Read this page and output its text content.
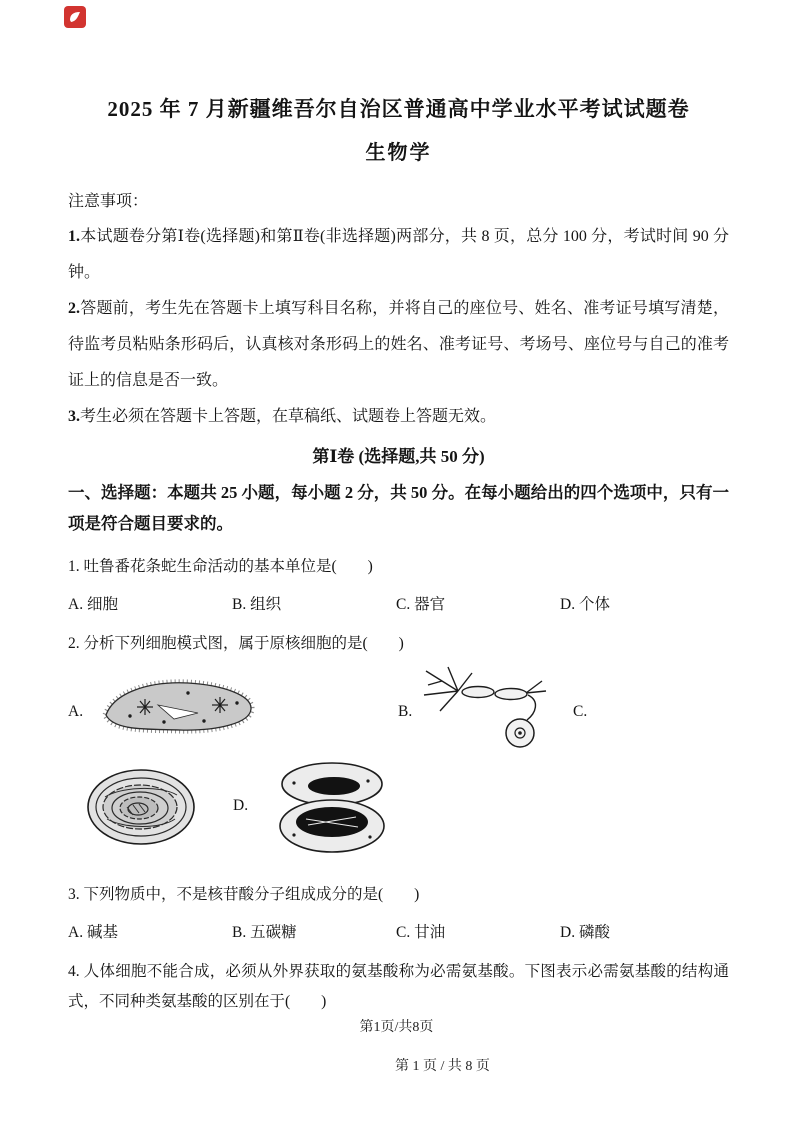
2025 年 7 月新疆维吾尔自治区普通高中学业水平考试试题卷
生物学
注意事项：

1.本试题卷分第Ⅰ卷(选择题)和第Ⅱ卷(非选择题)两部分，共 8 页，总分 100 分，考试时间 90 分钟。

2.答题前，考生先在答题卡上填写科目名称，并将自己的座位号、姓名、准考证号填写清楚，待监考员粘贴条形码后，认真核对条形码上的姓名、准考证号、考场号、座位号与自己的准考证上的信息是否一致。

3.考生必须在答题卡上答题，在草稿纸、试题卷上答题无效。

第Ⅰ卷 (选择题,共 50 分)
一、选择题：本题共 25 小题，每小题 2 分，共 50 分。在每小题给出的四个选项中，只有一项是符合题目要求的。
1. 吐鲁番花条蛇生命活动的基本单位是(　　)
A. 细胞	B. 组织	C. 器官	D. 个体
2. 分析下列细胞模式图，属于原核细胞的是(　　)
A.	B.	C.
D.
3. 下列物质中，不是核苷酸分子组成成分的是(　　)
A. 碱基	B. 五碳糖	C. 甘油	D. 磷酸
4. 人体细胞不能合成，必须从外界获取的氨基酸称为必需氨基酸。下图表示必需氨基酸的结构通式，不同种类氨基酸的区别在于(　　)
第1页/共8页
第 1 页 / 共 8 页
